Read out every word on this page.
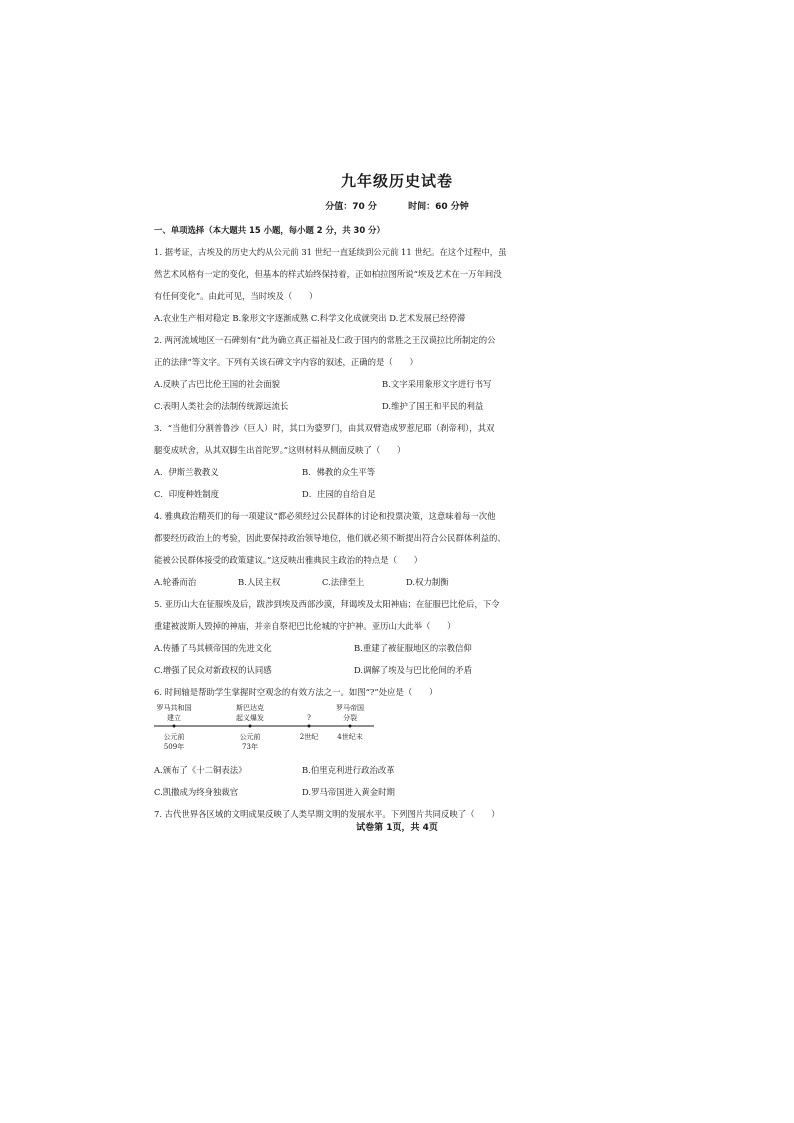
九年级历史试卷
分值：70 分	时间：60 分钟
一、单项选择（本大题共 15 小题，每小题 2 分，共 30 分）
1. 据考证，古埃及的历史大约从公元前 31 世纪一直延续到公元前 11 世纪。在这个过程中，虽
然艺术风格有一定的变化，但基本的样式始终保持着，正如柏拉图所说“埃及艺术在一万年间没
有任何变化”。由此可见，当时埃及（　　）
A.农业生产相对稳定 B.象形文字逐渐成熟 C.科学文化成就突出 D.艺术发展已经停滞
2. 两河流域地区一石碑刻有“此为确立真正福祉及仁政于国内的常胜之王汉谟拉比所制定的公
正的法律”等文字。下列有关该石碑文字内容的叙述，正确的是（　　）
A.反映了古巴比伦王国的社会面貌	B.文字采用象形文字进行书写
C.表明人类社会的法制传统源远流长	D.维护了国王和平民的利益
3．“当他们分割普鲁沙（巨人）时，其口为婆罗门，由其双臂造成罗惹尼耶（刹帝利），其双
腿变成吠舍，从其双脚生出首陀罗。”这则材料从侧面反映了（　　）
A．伊斯兰教教义	B．佛教的众生平等
C．印度种姓制度	D．庄园的自给自足
4. 雅典政治精英们的每一项建议“都必须经过公民群体的讨论和投票决策，这意味着每一次他
都要经历政治上的考验，因此要保持政治领导地位，他们就必须不断提出符合公民群体利益的、
能被公民群体接受的政策建议。”这反映出雅典民主政治的特点是（　　）
A.轮番而治	B.人民主权	C.法律至上	D.权力制衡
5. 亚历山大在征服埃及后，跋涉到埃及西部沙漠，拜谒埃及太阳神庙；在征服巴比伦后，下令
重建被波斯人毁掉的神庙，并亲自祭祀巴比伦城的守护神。亚历山大此举（　　）
A.传播了马其顿帝国的先进文化	B.重建了被征服地区的宗教信仰
C.增强了民众对新政权的认同感	D.调解了埃及与巴比伦间的矛盾
6. 时间轴是帮助学生掌握时空观念的有效方法之一。如图“?”处应是（　　）
罗马共和国
建立
斯巴达克
起义爆发	?
罗马帝国
分裂
公元前
509年
公元前
73年
2世纪	4世纪末
A.颁布了《十二铜表法》	B.伯里克利进行政治改革
C.凯撒成为终身独裁官	D.罗马帝国进入黄金时期
7. 古代世界各区域的文明成果反映了人类早期文明的发展水平。下列图片共同反映了（　　）
试卷第 1页，共 4页
